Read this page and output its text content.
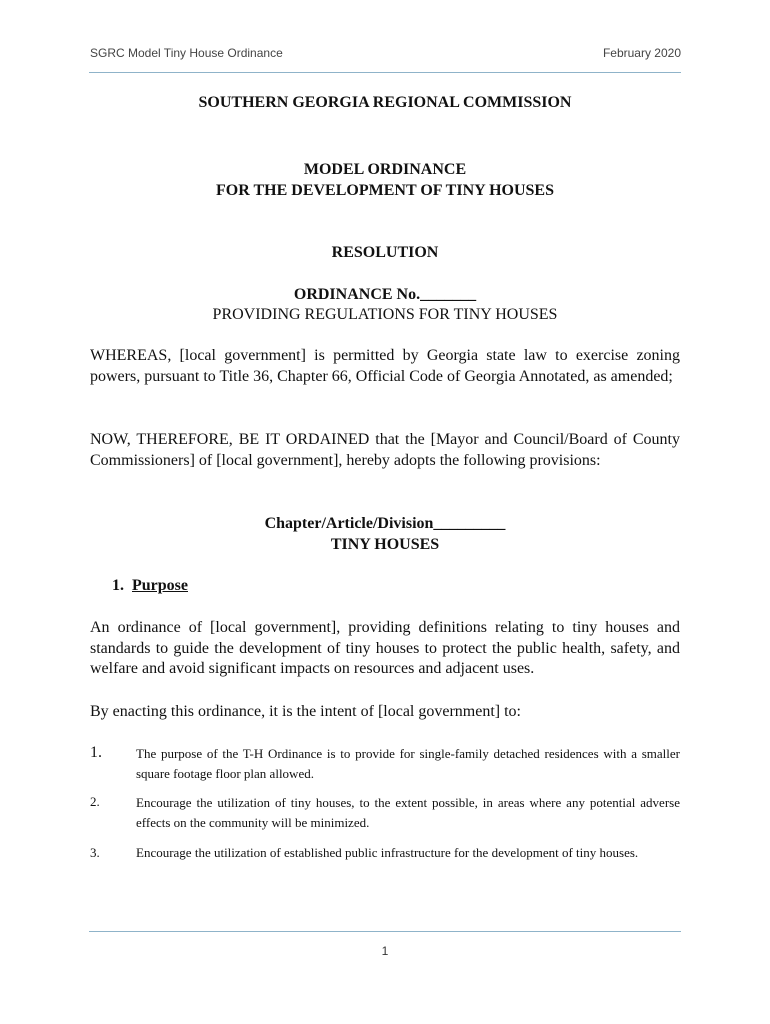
SGRC Model Tiny House Ordinance	February 2020
SOUTHERN GEORGIA REGIONAL COMMISSION
MODEL ORDINANCE
FOR THE DEVELOPMENT OF TINY HOUSES
RESOLUTION
ORDINANCE No._______
PROVIDING REGULATIONS FOR TINY HOUSES

WHEREAS, [local government] is permitted by Georgia state law to exercise zoning powers, pursuant to Title 36, Chapter 66, Official Code of Georgia Annotated, as amended;

NOW, THEREFORE, BE IT ORDAINED that the [Mayor and Council/Board of County Commissioners] of [local government], hereby adopts the following provisions:

Chapter/Article/Division_________
TINY HOUSES
1. Purpose

An ordinance of [local government], providing definitions relating to tiny houses and standards to guide the development of tiny houses to protect the public health, safety, and welfare and avoid significant impacts on resources and adjacent uses.

By enacting this ordinance, it is the intent of [local government] to:

1.	The purpose of the T-H Ordinance is to provide for single-family detached residences with a smaller square footage floor plan allowed.

2.	Encourage the utilization of tiny houses, to the extent possible, in areas where any potential adverse effects on the community will be minimized.

3.	Encourage the utilization of established public infrastructure for the development of tiny houses.

1
